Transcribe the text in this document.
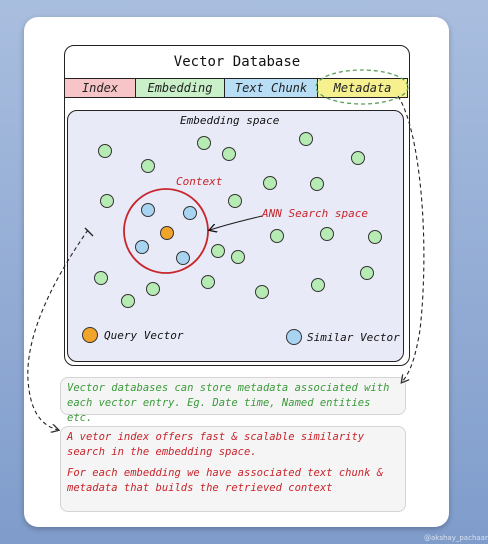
Vector Database
Index	Embedding	Text Chunk	Metadata
Embedding space
Context
ANN Search space
Query Vector	Similar Vector

Vector databases can store metadata associated with each vector entry. Eg. Date time, Named entities etc.

A vetor index offers fast & scalable similarity search in the embedding space.

For each embedding we have associated text chunk & metadata that builds the retrieved context

@akshay_pachaar
